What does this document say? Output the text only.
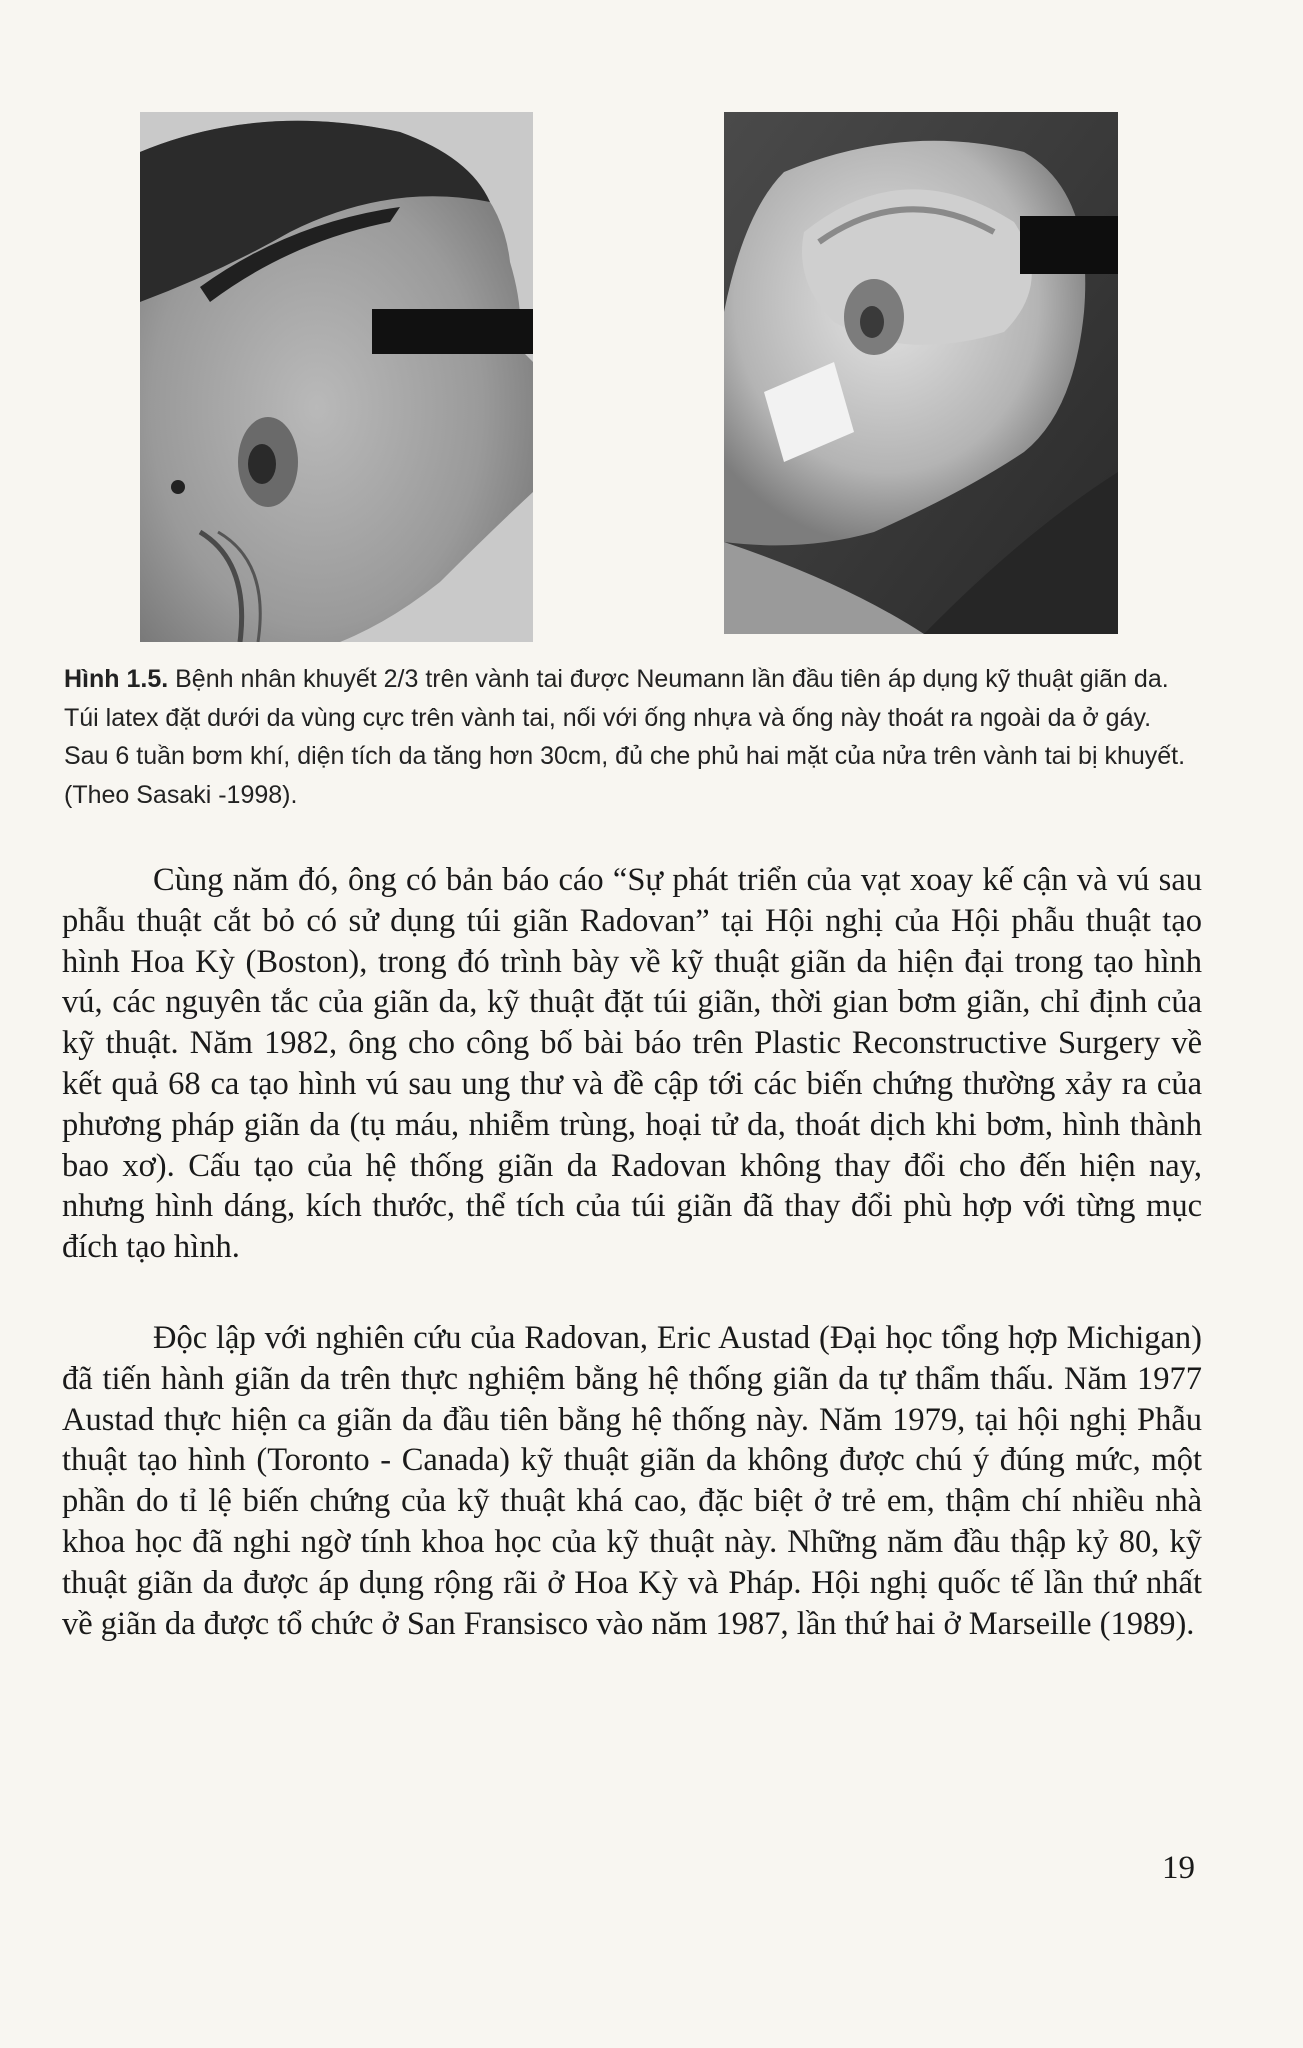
Hình 1.5. Bệnh nhân khuyết 2/3 trên vành tai được Neumann lần đầu tiên áp dụng kỹ thuật giãn da. Túi latex đặt dưới da vùng cực trên vành tai, nối với ống nhựa và ống này thoát ra ngoài da ở gáy. Sau 6 tuần bơm khí, diện tích da tăng hơn 30cm, đủ che phủ hai mặt của nửa trên vành tai bị khuyết. (Theo Sasaki -1998).

Cùng năm đó, ông có bản báo cáo “Sự phát triển của vạt xoay kế cận và vú sau phẫu thuật cắt bỏ có sử dụng túi giãn Radovan” tại Hội nghị của Hội phẫu thuật tạo hình Hoa Kỳ (Boston), trong đó trình bày về kỹ thuật giãn da hiện đại trong tạo hình vú, các nguyên tắc của giãn da, kỹ thuật đặt túi giãn, thời gian bơm giãn, chỉ định của kỹ thuật. Năm 1982, ông cho công bố bài báo trên Plastic Reconstructive Surgery về kết quả 68 ca tạo hình vú sau ung thư và đề cập tới các biến chứng thường xảy ra của phương pháp giãn da (tụ máu, nhiễm trùng, hoại tử da, thoát dịch khi bơm, hình thành bao xơ). Cấu tạo của hệ thống giãn da Radovan không thay đổi cho đến hiện nay, nhưng hình dáng, kích thước, thể tích của túi giãn đã thay đổi phù hợp với từng mục đích tạo hình.

Độc lập với nghiên cứu của Radovan, Eric Austad (Đại học tổng hợp Michigan) đã tiến hành giãn da trên thực nghiệm bằng hệ thống giãn da tự thẩm thấu. Năm 1977 Austad thực hiện ca giãn da đầu tiên bằng hệ thống này. Năm 1979, tại hội nghị Phẫu thuật tạo hình (Toronto - Canada) kỹ thuật giãn da không được chú ý đúng mức, một phần do tỉ lệ biến chứng của kỹ thuật khá cao, đặc biệt ở trẻ em, thậm chí nhiều nhà khoa học đã nghi ngờ tính khoa học của kỹ thuật này. Những năm đầu thập kỷ 80, kỹ thuật giãn da được áp dụng rộng rãi ở Hoa Kỳ và Pháp. Hội nghị quốc tế lần thứ nhất về giãn da được tổ chức ở San Fransisco vào năm 1987, lần thứ hai ở Marseille (1989).

19
